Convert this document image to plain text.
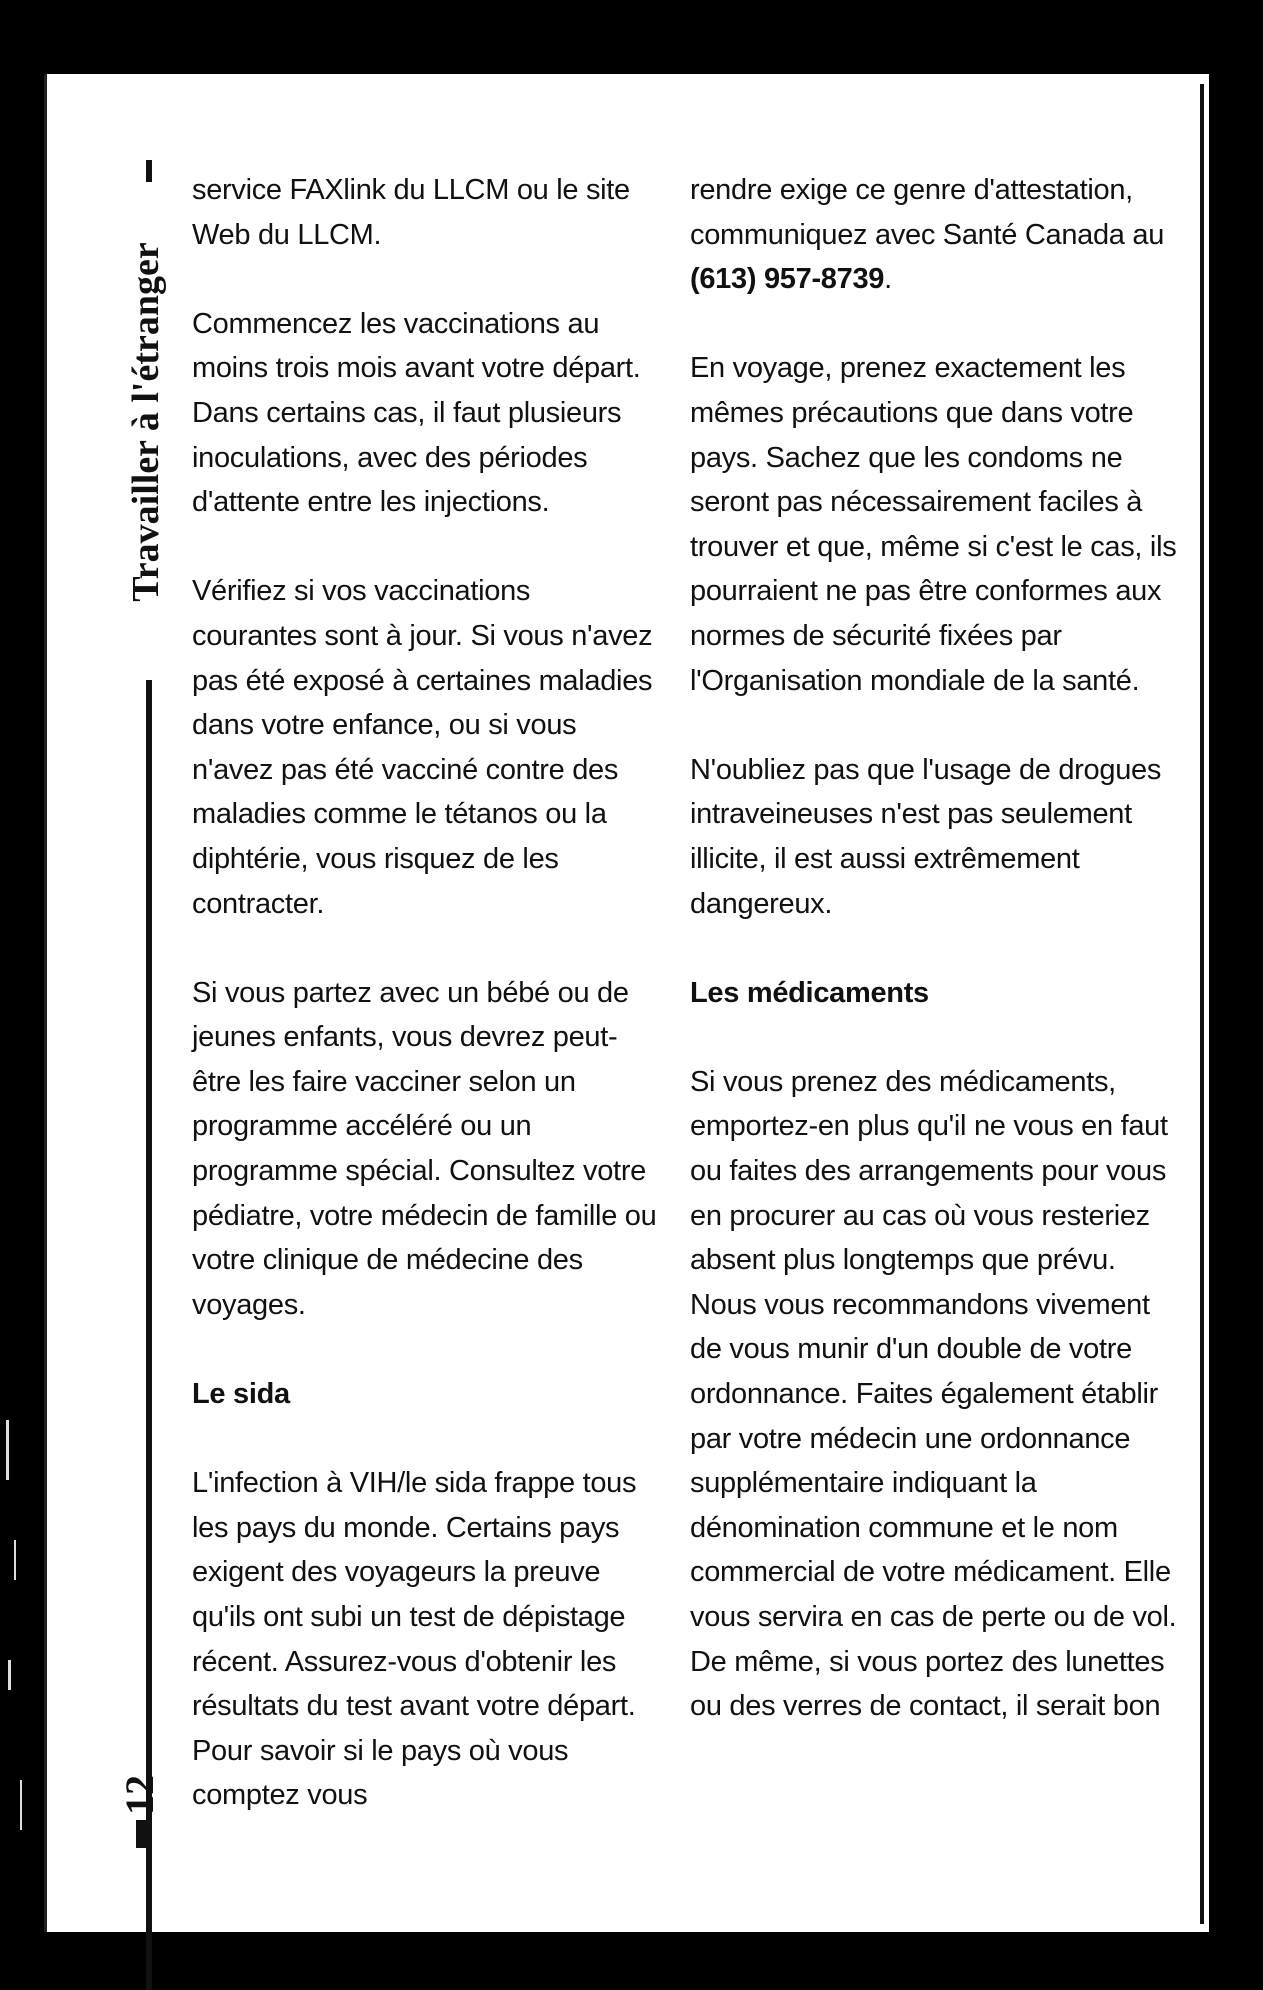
Travailler à l'étranger
12

service FAXlink du LLCM ou le site Web du LLCM.

Commencez les vaccinations au moins trois mois avant votre départ. Dans certains cas, il faut plusieurs inoculations, avec des périodes d'attente entre les injections.

Vérifiez si vos vaccinations courantes sont à jour. Si vous n'avez pas été exposé à certaines maladies dans votre enfance, ou si vous n'avez pas été vacciné contre des maladies comme le tétanos ou la diphtérie, vous risquez de les contracter.

Si vous partez avec un bébé ou de jeunes enfants, vous devrez peut-être les faire vacciner selon un programme accéléré ou un programme spécial. Consultez votre pédiatre, votre médecin de famille ou votre clinique de médecine des voyages.

Le sida

L'infection à VIH/le sida frappe tous les pays du monde. Certains pays exigent des voyageurs la preuve qu'ils ont subi un test de dépistage récent. Assurez-vous d'obtenir les résultats du test avant votre départ. Pour savoir si le pays où vous comptez vous

rendre exige ce genre d'attestation, communiquez avec Santé Canada au (613) 957-8739.

En voyage, prenez exactement les mêmes précautions que dans votre pays. Sachez que les condoms ne seront pas nécessairement faciles à trouver et que, même si c'est le cas, ils pourraient ne pas être conformes aux normes de sécurité fixées par l'Organisation mondiale de la santé.

N'oubliez pas que l'usage de drogues intraveineuses n'est pas seulement illicite, il est aussi extrêmement dangereux.

Les médicaments

Si vous prenez des médicaments, emportez-en plus qu'il ne vous en faut ou faites des arrangements pour vous en procurer au cas où vous resteriez absent plus longtemps que prévu. Nous vous recommandons vivement de vous munir d'un double de votre ordonnance. Faites également établir par votre médecin une ordonnance supplémentaire indiquant la dénomination commune et le nom commercial de votre médicament. Elle vous servira en cas de perte ou de vol. De même, si vous portez des lunettes ou des verres de contact, il serait bon
